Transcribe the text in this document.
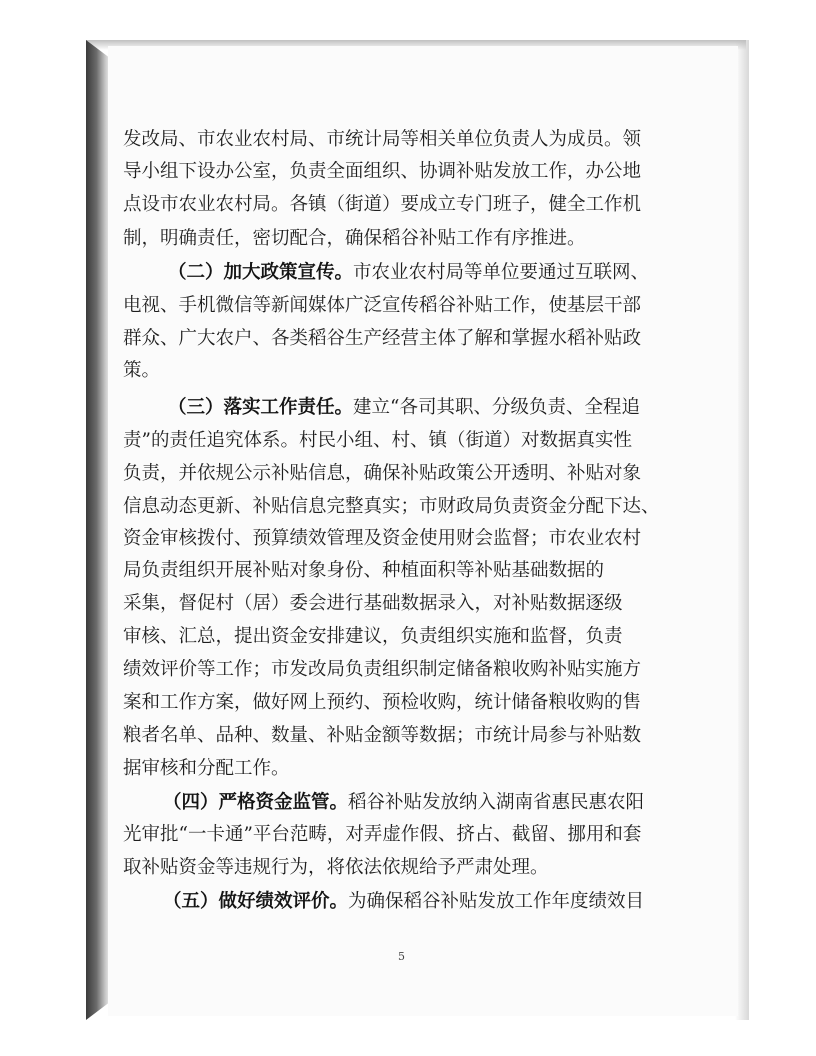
发改局、市农业农村局、市统计局等相关单位负责人为成员。领
导小组下设办公室，负责全面组织、协调补贴发放工作，办公地
点设市农业农村局。各镇（街道）要成立专门班子，健全工作机
制，明确责任，密切配合，确保稻谷补贴工作有序推进。
（二）加大政策宣传。市农业农村局等单位要通过互联网、
电视、手机微信等新闻媒体广泛宣传稻谷补贴工作，使基层干部
群众、广大农户、各类稻谷生产经营主体了解和掌握水稻补贴政
策。
（三）落实工作责任。建立“各司其职、分级负责、全程追
责”的责任追究体系。村民小组、村、镇（街道）对数据真实性
负责，并依规公示补贴信息，确保补贴政策公开透明、补贴对象
信息动态更新、补贴信息完整真实；市财政局负责资金分配下达、
资金审核拨付、预算绩效管理及资金使用财会监督；市农业农村
局负责组织开展补贴对象身份、种植面积等补贴基础数据的
采集，督促村（居）委会进行基础数据录入，对补贴数据逐级
审核、汇总，提出资金安排建议，负责组织实施和监督，负责
绩效评价等工作；市发改局负责组织制定储备粮收购补贴实施方
案和工作方案，做好网上预约、预检收购，统计储备粮收购的售
粮者名单、品种、数量、补贴金额等数据；市统计局参与补贴数
据审核和分配工作。
（四）严格资金监管。稻谷补贴发放纳入湖南省惠民惠农阳
光审批“一卡通”平台范畴，对弄虚作假、挤占、截留、挪用和套
取补贴资金等违规行为，将依法依规给予严肃处理。
（五）做好绩效评价。为确保稻谷补贴发放工作年度绩效目
5
